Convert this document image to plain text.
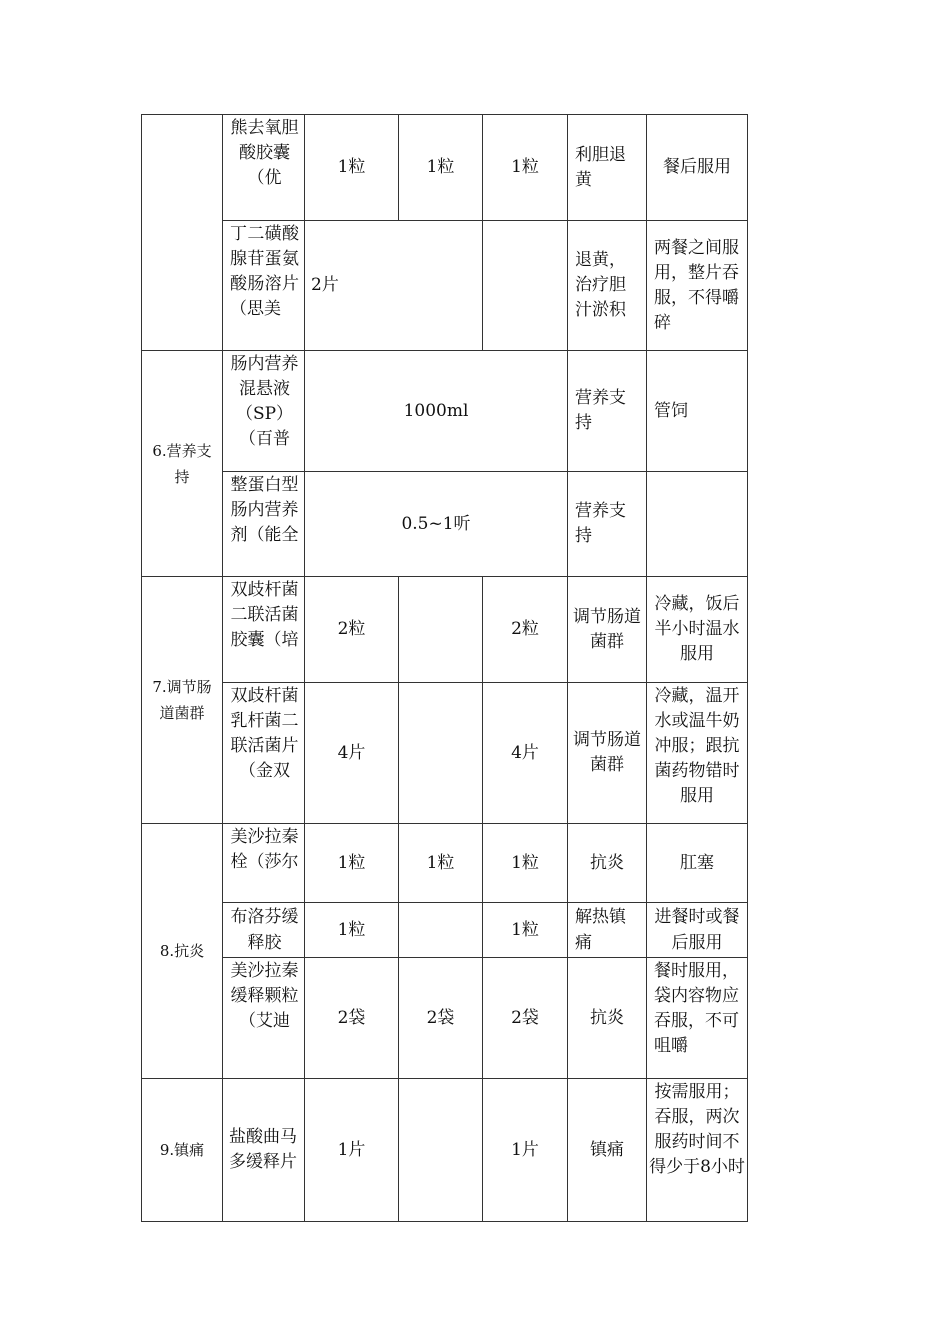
	熊去氧胆酸胶囊（优	1粒	1粒	1粒	利胆退黄	餐后服用

	丁二磺酸腺苷蛋氨酸肠溶片（思美	2片			退黄，治疗胆汁淤积	两餐之间服用，整片吞服，不得嚼碎

6.营养支持	肠内营养混悬液（SP）（百普	1000ml			营养支持	管饲

	整蛋白型肠内营养剂（能全	0.5~1听			营养支持	

7.调节肠道菌群	双歧杆菌二联活菌胶囊（培	2粒		2粒	调节肠道菌群	冷藏，饭后半小时温水服用

	双歧杆菌乳杆菌二联活菌片（金双	4片		4片	调节肠道菌群	冷藏，温开水或温牛奶冲服；跟抗菌药物错时服用

8.抗炎	美沙拉秦栓（莎尔	1粒	1粒	1粒	抗炎	肛塞

	布洛芬缓释胶	1粒		1粒	解热镇痛	进餐时或餐后服用

	美沙拉秦缓释颗粒（艾迪	2袋	2袋	2袋	抗炎	餐时服用，袋内容物应吞服，不可咀嚼

9.镇痛	盐酸曲马多缓释片	1片		1片	镇痛	按需服用；吞服，两次服药时间不得少于8小时
